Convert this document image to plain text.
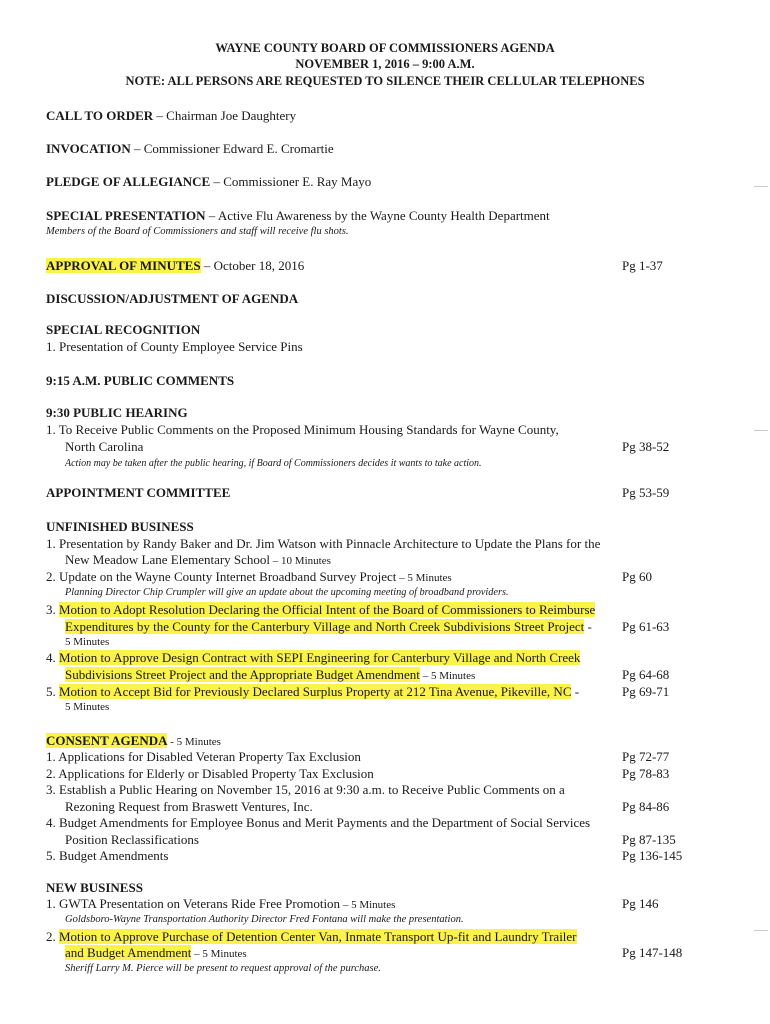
WAYNE COUNTY BOARD OF COMMISSIONERS AGENDA
NOVEMBER 1, 2016 – 9:00 A.M.
NOTE: ALL PERSONS ARE REQUESTED TO SILENCE THEIR CELLULAR TELEPHONES
CALL TO ORDER – Chairman Joe Daughtery
INVOCATION – Commissioner Edward E. Cromartie
PLEDGE OF ALLEGIANCE – Commissioner E. Ray Mayo
SPECIAL PRESENTATION – Active Flu Awareness by the Wayne County Health Department
Members of the Board of Commissioners and staff will receive flu shots.
APPROVAL OF MINUTES – October 18, 2016	Pg 1-37
DISCUSSION/ADJUSTMENT OF AGENDA
SPECIAL RECOGNITION
1. Presentation of County Employee Service Pins
9:15 A.M. PUBLIC COMMENTS
9:30 PUBLIC HEARING
1. To Receive Public Comments on the Proposed Minimum Housing Standards for Wayne County,
North Carolina	Pg 38-52
Action may be taken after the public hearing, if Board of Commissioners decides it wants to take action.
APPOINTMENT COMMITTEE	Pg 53-59
UNFINISHED BUSINESS
1. Presentation by Randy Baker and Dr. Jim Watson with Pinnacle Architecture to Update the Plans for the
New Meadow Lane Elementary School – 10 Minutes
2. Update on the Wayne County Internet Broadband Survey Project – 5 Minutes	Pg 60
Planning Director Chip Crumpler will give an update about the upcoming meeting of broadband providers.
3. Motion to Adopt Resolution Declaring the Official Intent of the Board of Commissioners to Reimburse
Expenditures by the County for the Canterbury Village and North Creek Subdivisions Street Project - Pg 61-63
5 Minutes
4. Motion to Approve Design Contract with SEPI Engineering for Canterbury Village and North Creek
Subdivisions Street Project and the Appropriate Budget Amendment – 5 Minutes	Pg 64-68
5. Motion to Accept Bid for Previously Declared Surplus Property at 212 Tina Avenue, Pikeville, NC -	Pg 69-71
5 Minutes
CONSENT AGENDA - 5 Minutes
1. Applications for Disabled Veteran Property Tax Exclusion	Pg 72-77
2. Applications for Elderly or Disabled Property Tax Exclusion	Pg 78-83
3. Establish a Public Hearing on November 15, 2016 at 9:30 a.m. to Receive Public Comments on a
Rezoning Request from Braswett Ventures, Inc.	Pg 84-86
4. Budget Amendments for Employee Bonus and Merit Payments and the Department of Social Services
Position Reclassifications	Pg 87-135
5. Budget Amendments	Pg 136-145
NEW BUSINESS
1. GWTA Presentation on Veterans Ride Free Promotion – 5 Minutes	Pg 146
Goldsboro-Wayne Transportation Authority Director Fred Fontana will make the presentation.
2. Motion to Approve Purchase of Detention Center Van, Inmate Transport Up-fit and Laundry Trailer
and Budget Amendment – 5 Minutes	Pg 147-148
Sheriff Larry M. Pierce will be present to request approval of the purchase.
